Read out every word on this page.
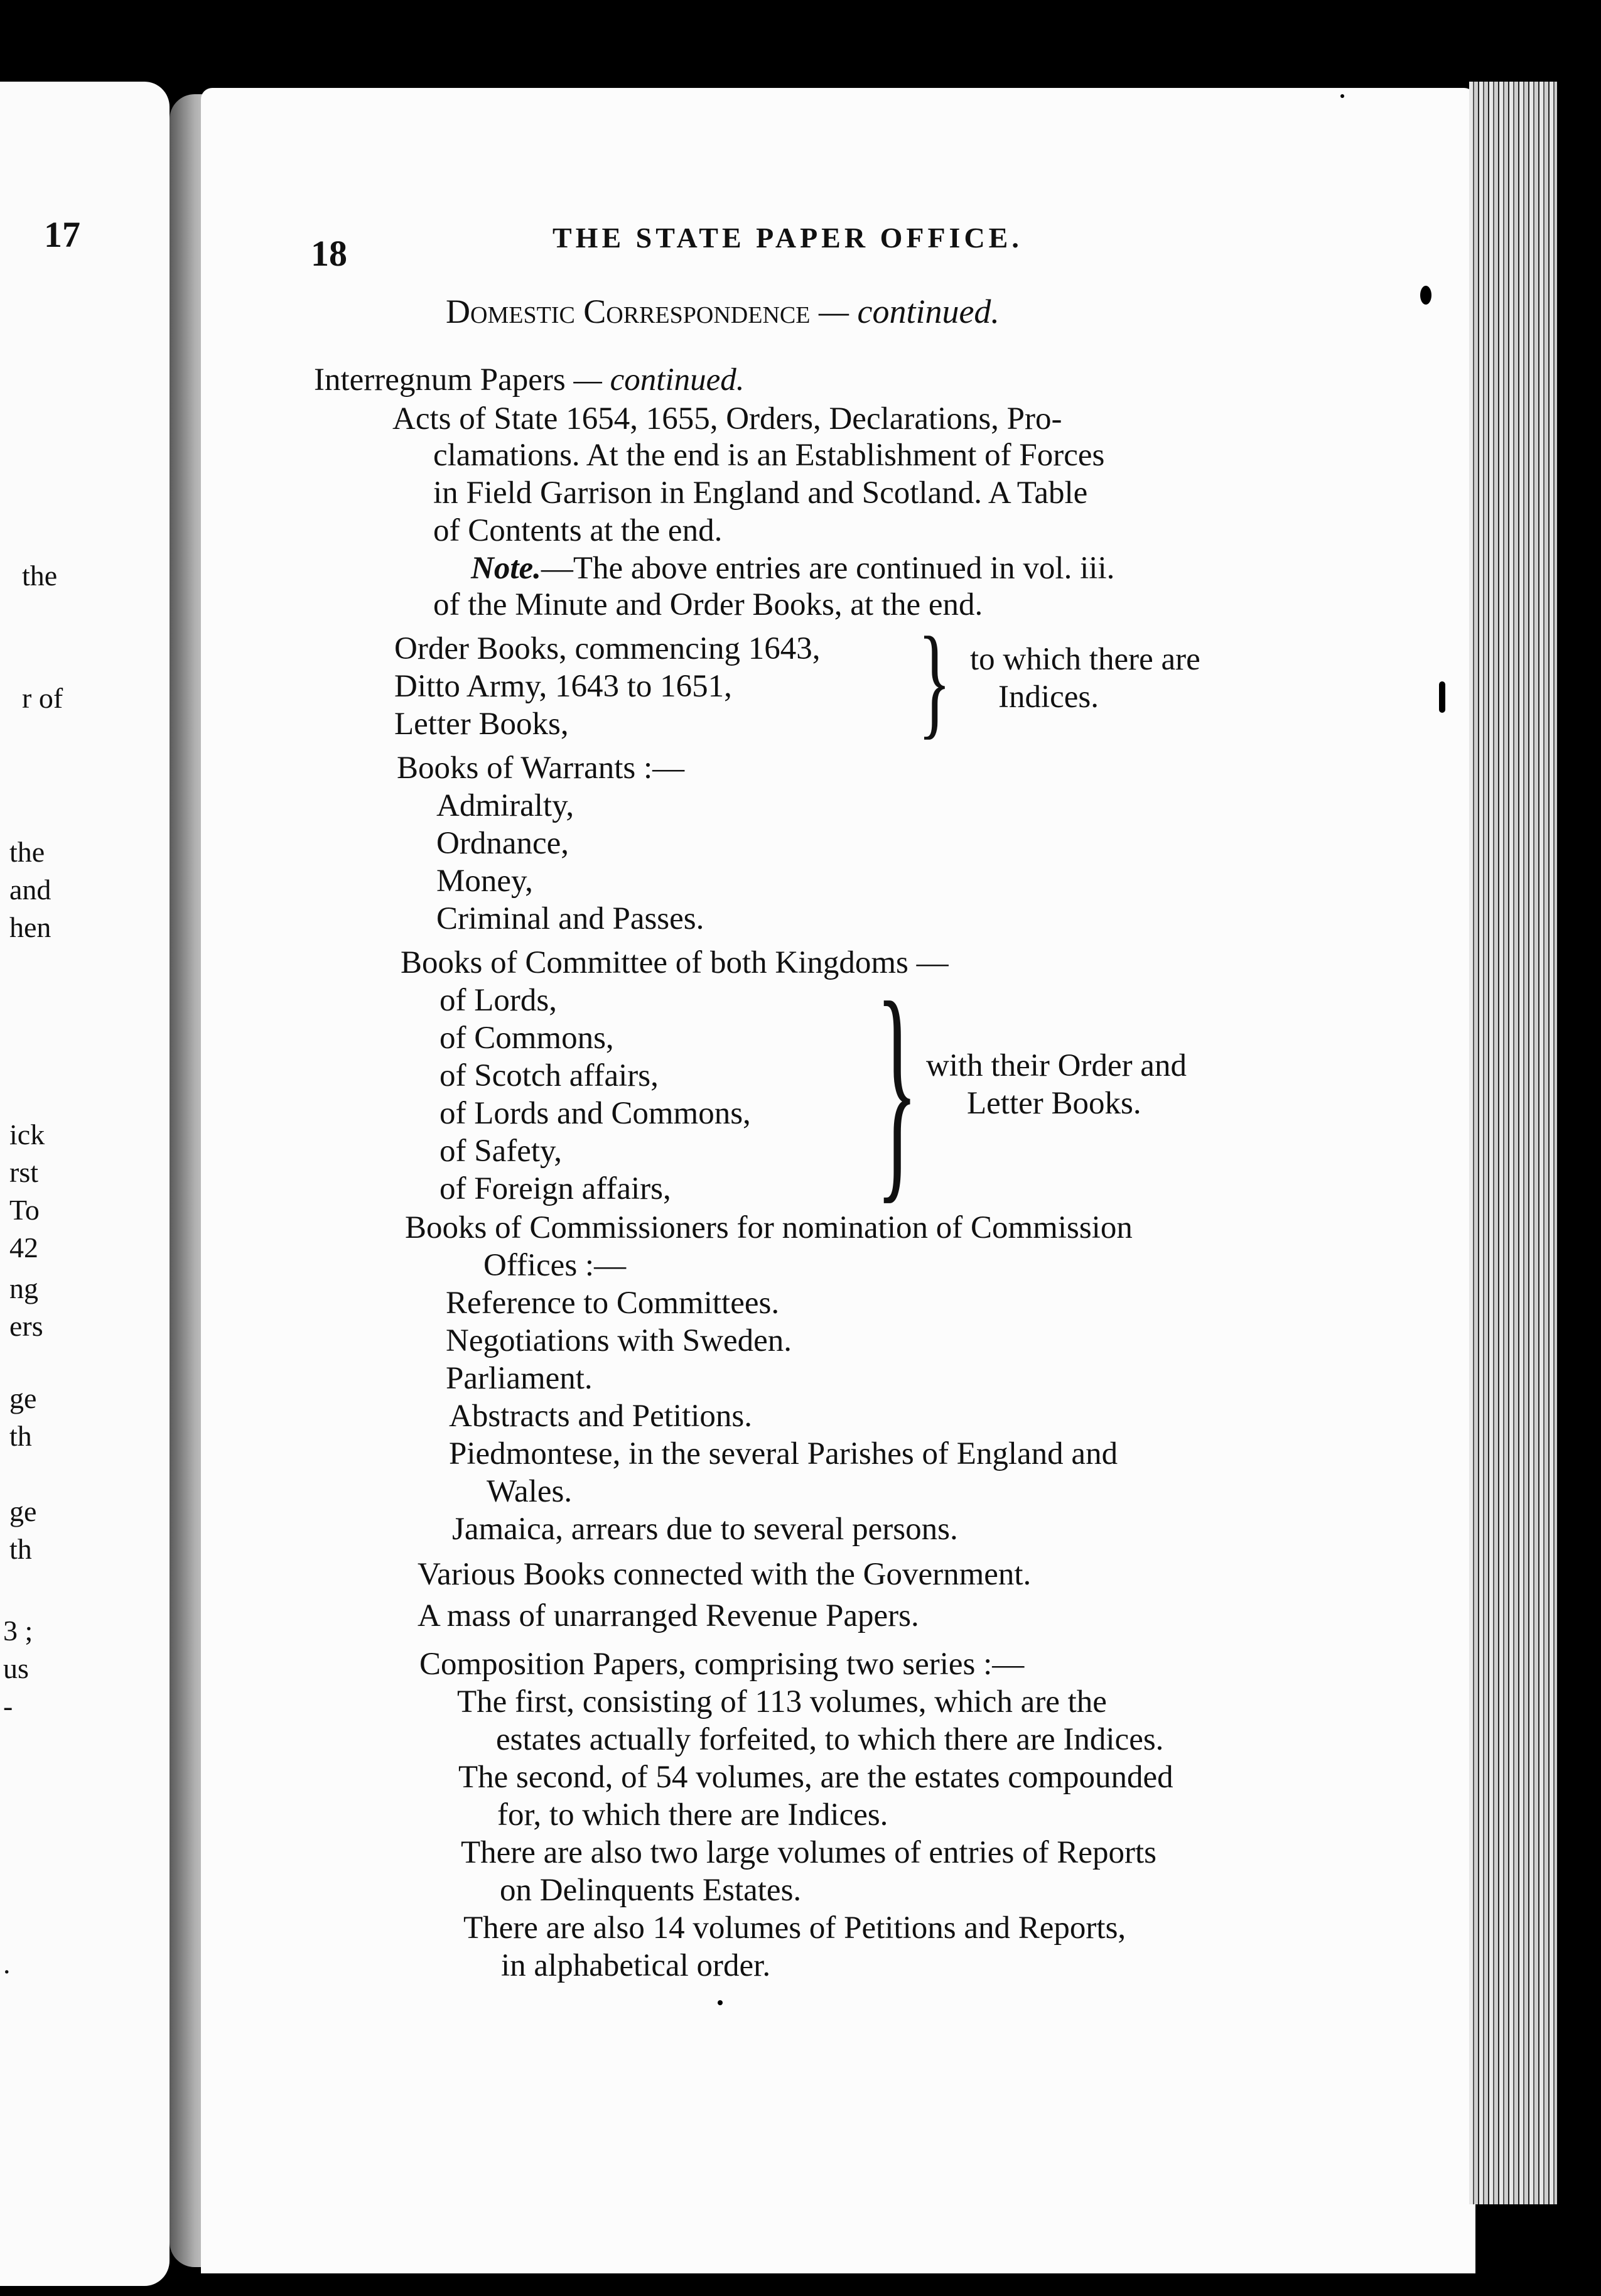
17
the
r of
the
and
hen
ick
rst
To
42
ng
ers
ge
th
ge
th
3 ;
us
-
.
18	THE STATE PAPER OFFICE.
Domestic Correspondence — continued.
Interregnum Papers — continued.
Acts of State 1654, 1655, Orders, Declarations, Pro-
clamations. At the end is an Establishment of Forces
in Field Garrison in England and Scotland. A Table
of Contents at the end.
Note.—The above entries are continued in vol. iii.
of the Minute and Order Books, at the end.
Order Books, commencing 1643,
Ditto Army, 1643 to 1651,
Letter Books,	} to which there are
Indices.
Books of Warrants :—
Admiralty,
Ordnance,
Money,
Criminal and Passes.
Books of Committee of both Kingdoms —
of Lords,
of Commons,
of Scotch affairs,
of Lords and Commons,
of Safety,
of Foreign affairs, } with their Order and
Letter Books.
Books of Commissioners for nomination of Commission
Offices :—
Reference to Committees.
Negotiations with Sweden.
Parliament.
Abstracts and Petitions.
Piedmontese, in the several Parishes of England and
Wales.
Jamaica, arrears due to several persons.
Various Books connected with the Government.
A mass of unarranged Revenue Papers.
Composition Papers, comprising two series :—
The first, consisting of 113 volumes, which are the
estates actually forfeited, to which there are Indices.
The second, of 54 volumes, are the estates compounded
for, to which there are Indices.
There are also two large volumes of entries of Reports
on Delinquents Estates.
There are also 14 volumes of Petitions and Reports,
in alphabetical order.
